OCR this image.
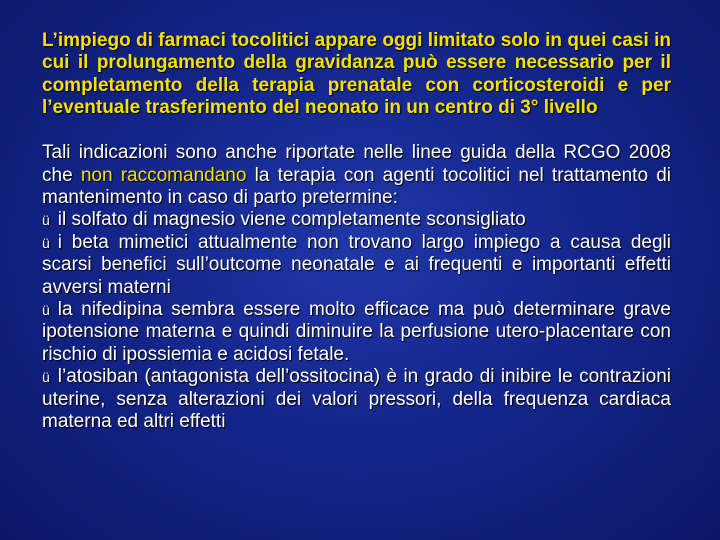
L’impiego di farmaci tocolitici appare oggi limitato solo in quei casi in cui il prolungamento della gravidanza può essere necessario per il completamento della terapia prenatale con corticosteroidi e per l’eventuale trasferimento del neonato in un centro di 3° livello

Tali indicazioni sono anche riportate nelle linee guida della RCGO 2008 che non raccomandano la terapia con agenti tocolitici nel trattamento di mantenimento in caso di parto pretermine:

ü il solfato di magnesio viene completamente sconsigliato

ü i beta mimetici attualmente non trovano largo impiego a causa degli scarsi benefici sull’outcome neonatale e ai frequenti e importanti effetti avversi materni

ü la nifedipina sembra essere molto efficace ma può determinare grave ipotensione materna e quindi diminuire la perfusione utero-placentare con rischio di ipossiemia e acidosi fetale.

ü l’atosiban (antagonista dell’ossitocina) è in grado di inibire le contrazioni uterine, senza alterazioni dei valori pressori, della frequenza cardiaca materna ed altri effetti
